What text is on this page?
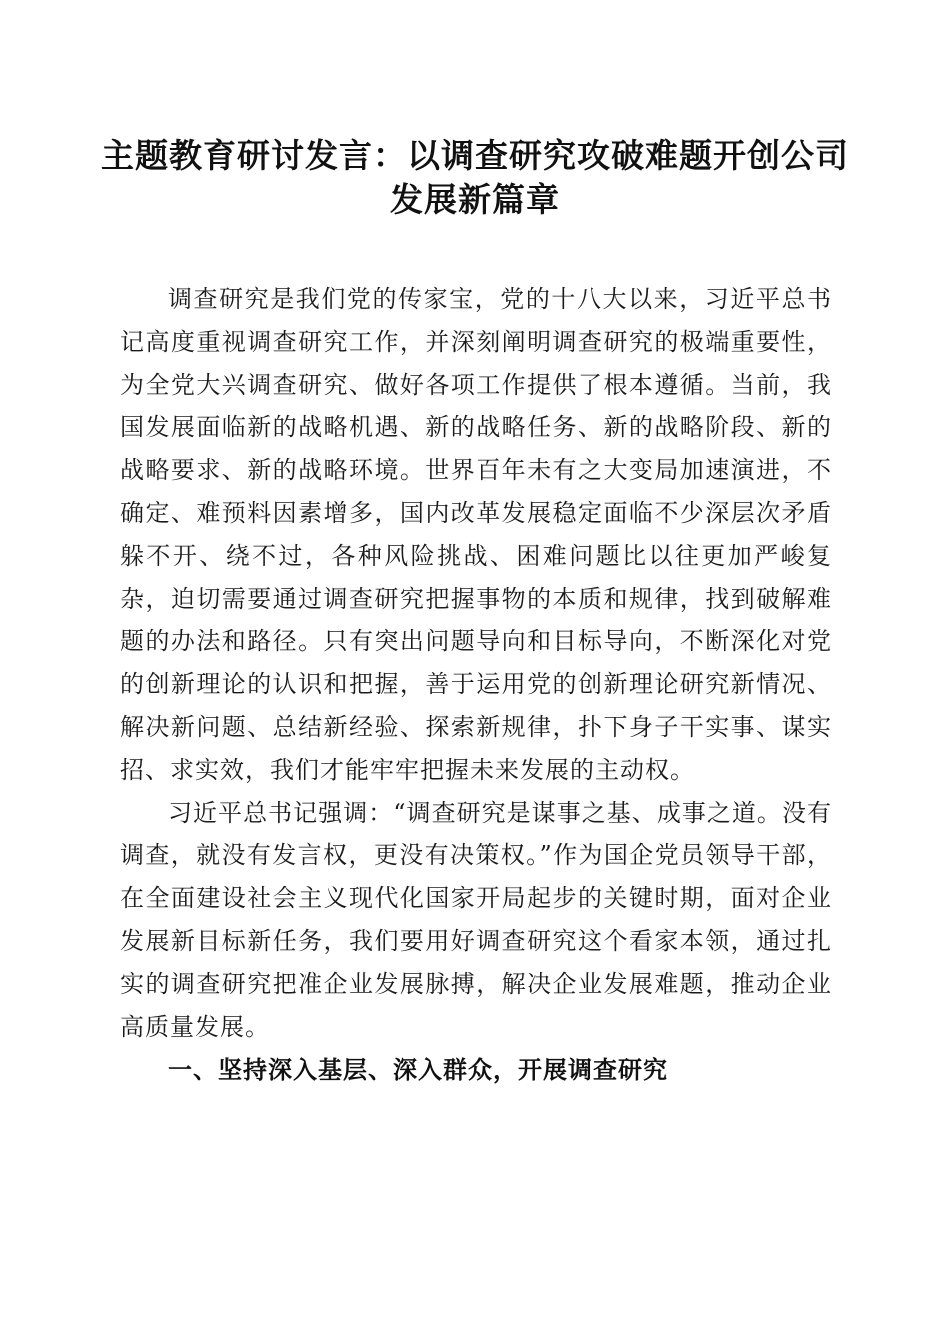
主题教育研讨发言：以调查研究攻破难题开创公司发展新篇章

调查研究是我们党的传家宝，党的十八大以来，习近平总书记高度重视调查研究工作，并深刻阐明调查研究的极端重要性，为全党大兴调查研究、做好各项工作提供了根本遵循。当前，我国发展面临新的战略机遇、新的战略任务、新的战略阶段、新的战略要求、新的战略环境。世界百年未有之大变局加速演进，不确定、难预料因素增多，国内改革发展稳定面临不少深层次矛盾躲不开、绕不过，各种风险挑战、困难问题比以往更加严峻复杂，迫切需要通过调查研究把握事物的本质和规律，找到破解难题的办法和路径。只有突出问题导向和目标导向，不断深化对党的创新理论的认识和把握，善于运用党的创新理论研究新情况、解决新问题、总结新经验、探索新规律，扑下身子干实事、谋实招、求实效，我们才能牢牢把握未来发展的主动权。

习近平总书记强调：“调查研究是谋事之基、成事之道。没有调查，就没有发言权，更没有决策权。”作为国企党员领导干部，在全面建设社会主义现代化国家开局起步的关键时期，面对企业发展新目标新任务，我们要用好调查研究这个看家本领，通过扎实的调查研究把准企业发展脉搏，解决企业发展难题，推动企业高质量发展。

一、坚持深入基层、深入群众，开展调查研究
